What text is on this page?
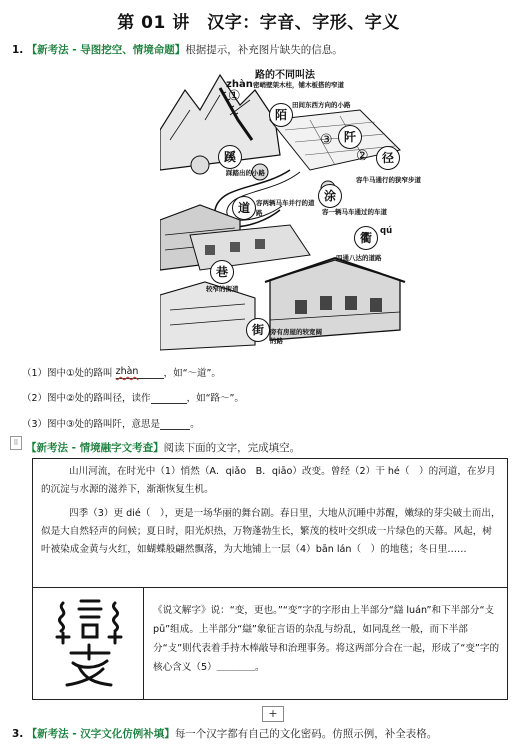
第 01 讲　汉字：字音、字形、字义
1. 【新考法 - 导图挖空、情境命题】根据提示，补充图片缺失的信息。
路的不同叫法
zhàn 密峭壁架木柱，铺木板搭的窄道
①
陌
田间东西方向的小路
③ 阡
蹊
踩踏出的小路
②	径
容牛马通行的狭窄步道
涂
容一辆马车通过的车道
道 容两辆马车并行的道路
衢 qú
四通八达的道路
巷
较窄的街道
街 旁有房屋的较宽阔的路
（1）图中①处的路叫 zhàn	，如“～道”。
（2）图中②处的路叫径，读作	，如“路～”。
（3）图中③处的路叫阡，意思是	。
⠿ 【新考法 - 情境融字文考查】阅读下面的文字，完成填空。
山川河流，在时光中（1）悄然（A．qiǎo　B．qiāo）改变。曾经（2）干 hé（　）的河道，在岁月的沉淀与水源的滋养下，渐渐恢复生机。
四季（3）更 dié（　），更是一场华丽的舞台剧。春日里，大地从沉睡中苏醒，嫩绿的芽尖破土而出，似是大自然轻声的问候；夏日时，阳光炽热，万物蓬勃生长，繁茂的枝叶交织成一片绿色的天幕。风起，树叶被染成金黄与火红，如蝴蝶般翩然飘落，为大地铺上一层（4）bān lán（　）的地毯；冬日里……
《说文解字》说：“变，更也。”“变”字的字形由上半部分“䜌 luán”和下半部分“攴 pū”组成。上半部分“䜌”象征言语的杂乱与纷乱，如同乱丝一般，而下半部分“攴”则代表着手持木棒敲导和治理事务。将这两部分合在一起，形成了“变”字的核心含义（5）＿＿＿＿。
+
3. 【新考法 - 汉字文化仿例补填】每一个汉字都有自己的文化密码。仿照示例，补全表格。
